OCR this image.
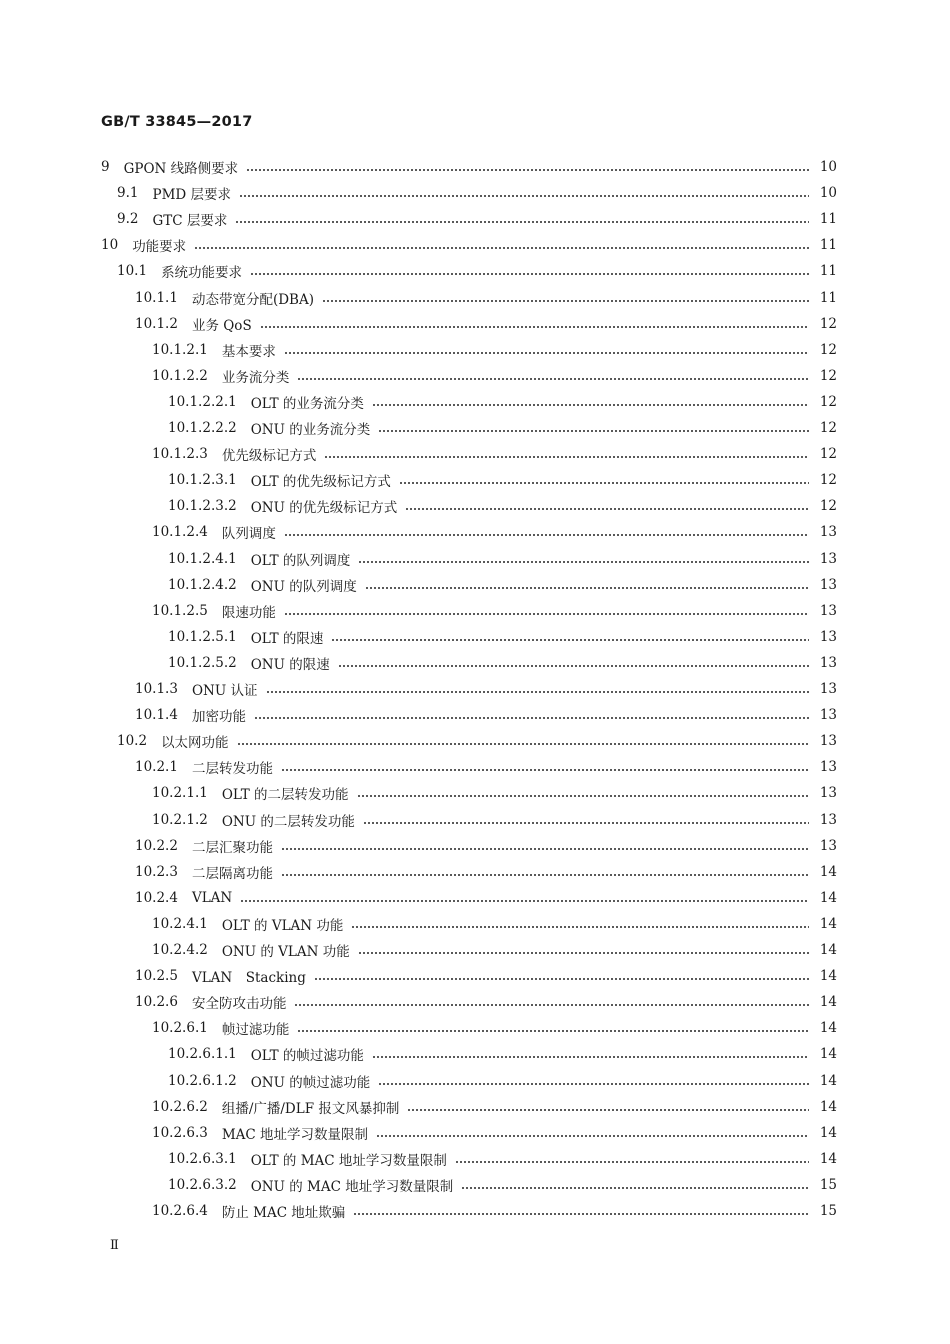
GB/T 33845—2017
9 GPON 线路侧要求	10
9.1 PMD 层要求	10
9.2 GTC 层要求	11
10 功能要求	11
10.1 系统功能要求	11
10.1.1 动态带宽分配(DBA)	11
10.1.2 业务 QoS	12
10.1.2.1 基本要求	12
10.1.2.2 业务流分类	12
10.1.2.2.1 OLT 的业务流分类	12
10.1.2.2.2 ONU 的业务流分类	12
10.1.2.3 优先级标记方式	12
10.1.2.3.1 OLT 的优先级标记方式	12
10.1.2.3.2 ONU 的优先级标记方式	12
10.1.2.4 队列调度	13
10.1.2.4.1 OLT 的队列调度	13
10.1.2.4.2 ONU 的队列调度	13
10.1.2.5 限速功能	13
10.1.2.5.1 OLT 的限速	13
10.1.2.5.2 ONU 的限速	13
10.1.3 ONU 认证	13
10.1.4 加密功能	13
10.2 以太网功能	13
10.2.1 二层转发功能	13
10.2.1.1 OLT 的二层转发功能	13
10.2.1.2 ONU 的二层转发功能	13
10.2.2 二层汇聚功能	13
10.2.3 二层隔离功能	14
10.2.4 VLAN	14
10.2.4.1 OLT 的 VLAN 功能	14
10.2.4.2 ONU 的 VLAN 功能	14
10.2.5 VLAN　Stacking	14
10.2.6 安全防攻击功能	14
10.2.6.1 帧过滤功能	14
10.2.6.1.1 OLT 的帧过滤功能	14
10.2.6.1.2 ONU 的帧过滤功能	14
10.2.6.2 组播/广播/DLF 报文风暴抑制	14
10.2.6.3 MAC 地址学习数量限制	14
10.2.6.3.1 OLT 的 MAC 地址学习数量限制	14
10.2.6.3.2 ONU 的 MAC 地址学习数量限制	15
10.2.6.4 防止 MAC 地址欺骗	15
Ⅱ
